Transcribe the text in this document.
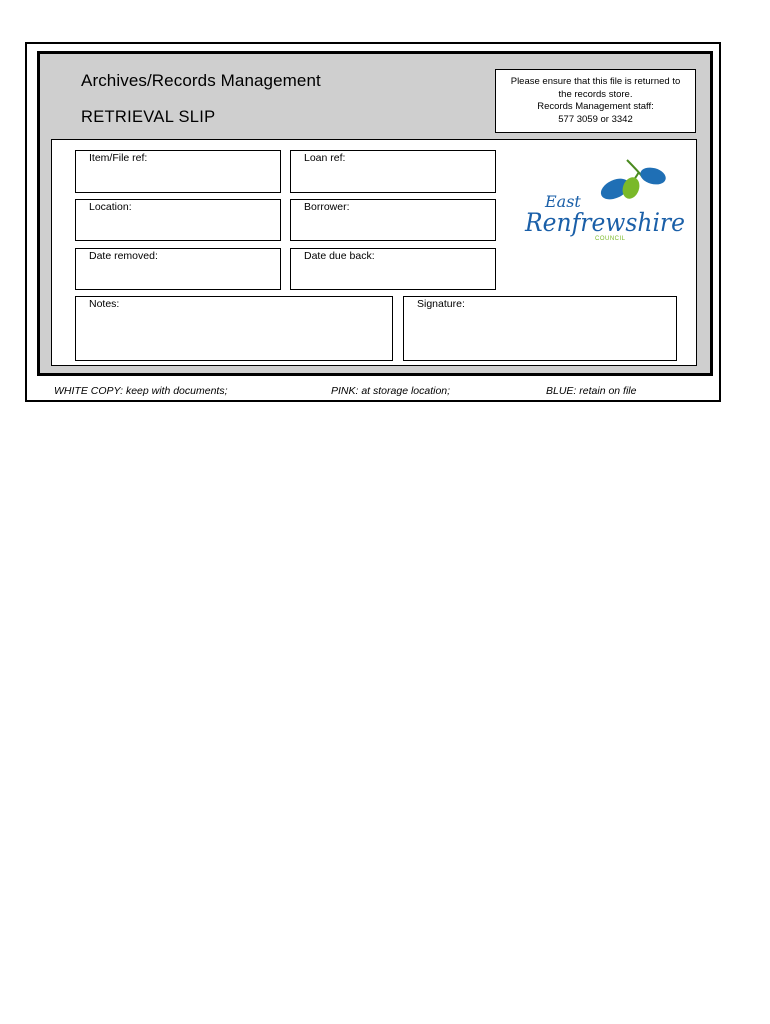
Archives/Records Management
RETRIEVAL SLIP
Please ensure that this file is returned to
the records store.
Records Management staff:
577 3059 or 3342
Item/File ref:	Loan ref:
Location:	Borrower:
Date removed:	Date due back:
Notes:	Signature:
East
Renfrewshire
COUNCIL
WHITE COPY: keep with documents;	PINK: at storage location;	BLUE: retain on file
